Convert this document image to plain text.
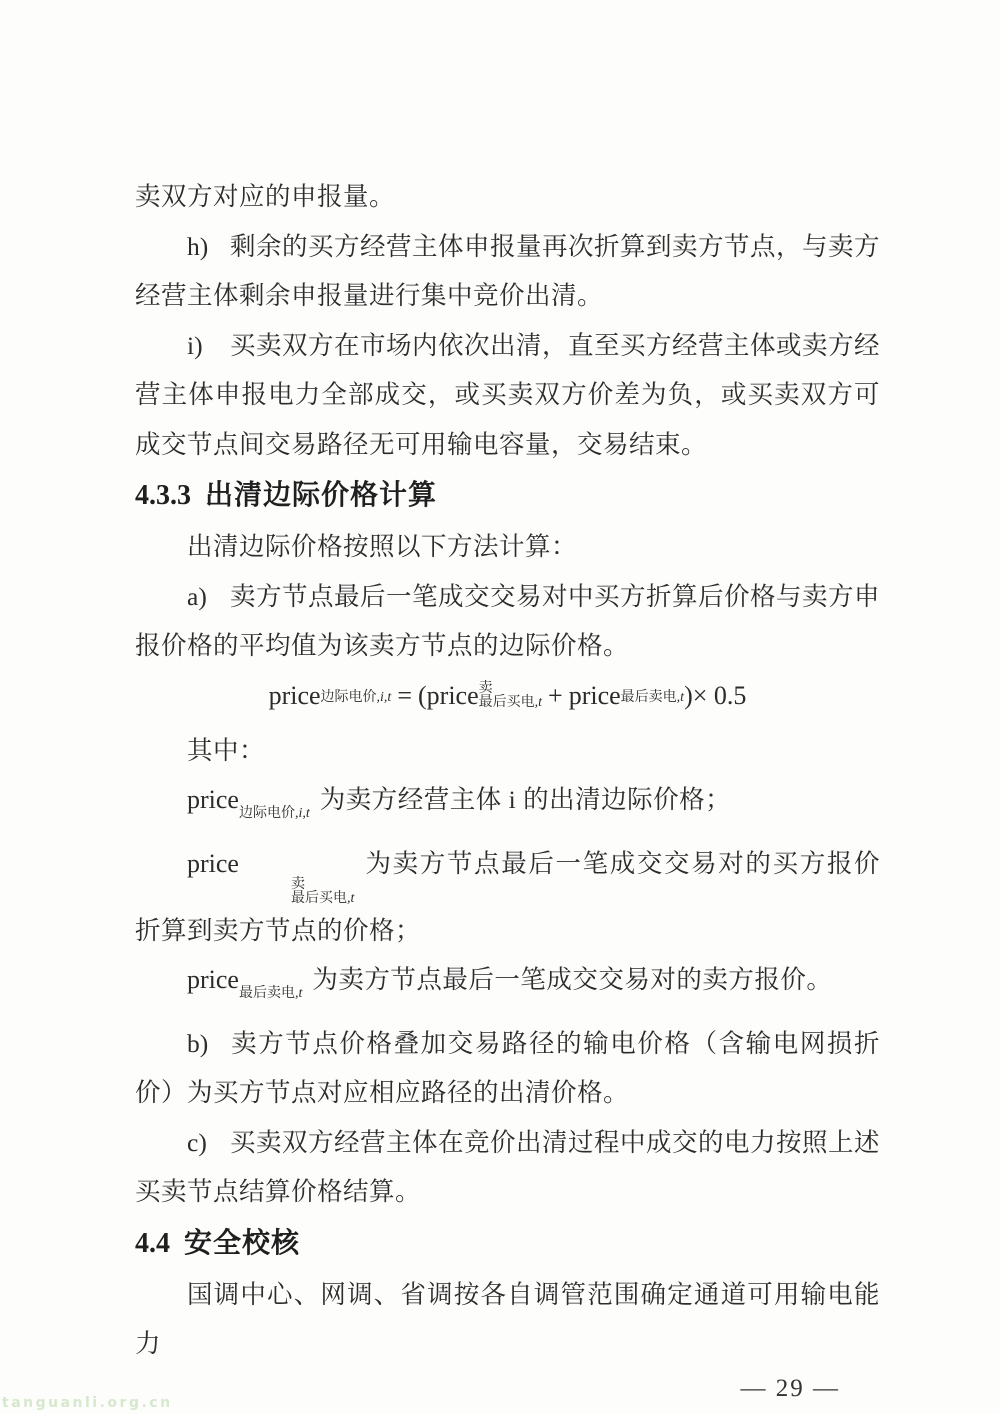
卖双方对应的申报量。

h) 剩余的买方经营主体申报量再次折算到卖方节点，与卖方经营主体剩余申报量进行集中竞价出清。

i) 买卖双方在市场内依次出清，直至买方经营主体或卖方经营主体申报电力全部成交，或买卖双方价差为负，或买卖双方可成交节点间交易路径无可用输电容量，交易结束。

4.3.3 出清边际价格计算

出清边际价格按照以下方法计算：

a) 卖方节点最后一笔成交交易对中买方折算后价格与卖方申报价格的平均值为该卖方节点的边际价格。

price 边际电价,i,t = ( price 卖
最后买电,t + price 最后卖电,t ) × 0.5

其中：

price$_{边际电价,i,t}$ 为卖方经营主体 i 的出清边际价格；

price
卖
最后买电,t
为卖方节点最后一笔成交交易对的买方报价折算到卖方节点的价格；

price$_{最后卖电,t}$ 为卖方节点最后一笔成交交易对的卖方报价。

b) 卖方节点价格叠加交易路径的输电价格（含输电网损折价）为买方节点对应相应路径的出清价格。

c) 买卖双方经营主体在竞价出清过程中成交的电力按照上述买卖节点结算价格结算。

4.4 安全校核

国调中心、网调、省调按各自调管范围确定通道可用输电能力

— 29 —
tanguanli.org.cn
